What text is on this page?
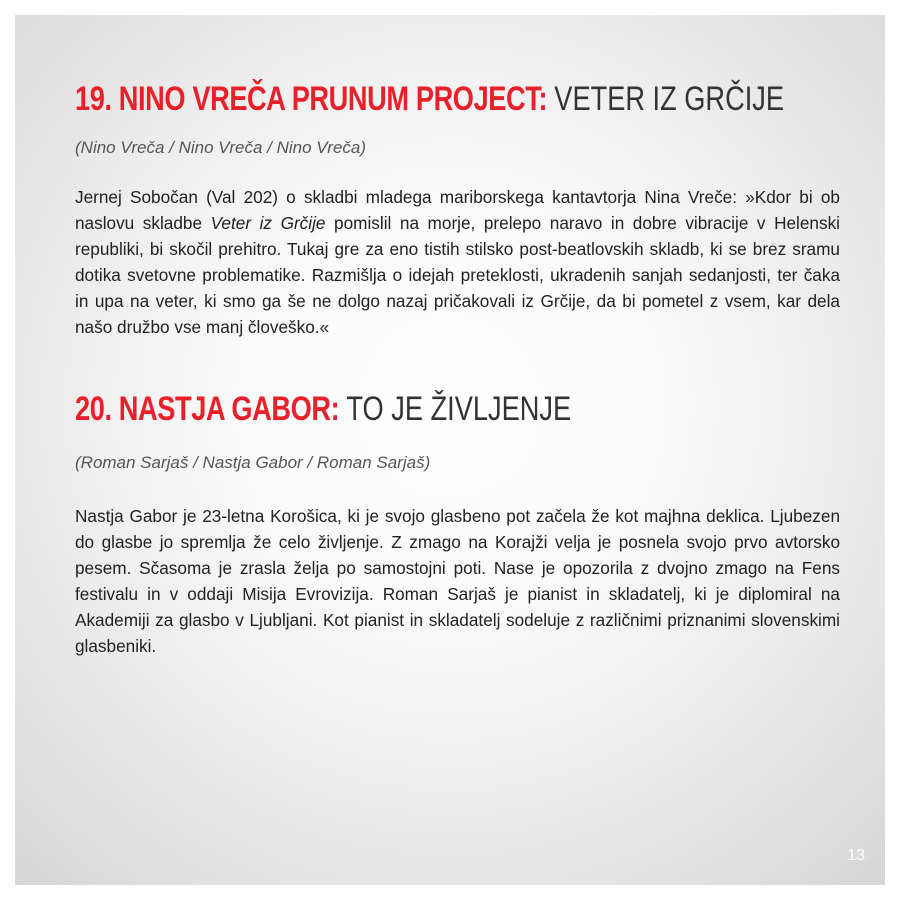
19. NINO VREČA PRUNUM PROJECT: VETER IZ GRČIJE

(Nino Vreča / Nino Vreča / Nino Vreča)

Jernej Sobočan (Val 202) o skladbi mladega mariborskega kantavtorja Nina Vreče: »Kdor bi ob naslovu skladbe Veter iz Grčije pomislil na morje, prelepo naravo in dobre vibracije v Helenski republiki, bi skočil prehitro. Tukaj gre za eno tistih stilsko post-beatlovskih skladb, ki se brez sramu dotika svetovne problematike. Razmišlja o idejah preteklosti, ukradenih sanjah sedanjosti, ter čaka in upa na veter, ki smo ga še ne dolgo nazaj pričakovali iz Grčije, da bi pometel z vsem, kar dela našo družbo vse manj človeško.«

20. NASTJA GABOR: TO JE ŽIVLJENJE

(Roman Sarjaš / Nastja Gabor / Roman Sarjaš)

Nastja Gabor je 23-letna Korošica, ki je svojo glasbeno pot začela že kot majhna deklica. Ljubezen do glasbe jo spremlja že celo življenje. Z zmago na Korajži velja je posnela svojo prvo avtorsko pesem. Sčasoma je zrasla želja po samostojni poti. Nase je opozorila z dvojno zmago na Fens festivalu in v oddaji Misija Evrovizija. Roman Sarjaš je pianist in skladatelj, ki je diplomiral na Akademiji za glasbo v Ljubljani. Kot pianist in skladatelj sodeluje z različnimi priznanimi slovenskimi glasbeniki.

13
